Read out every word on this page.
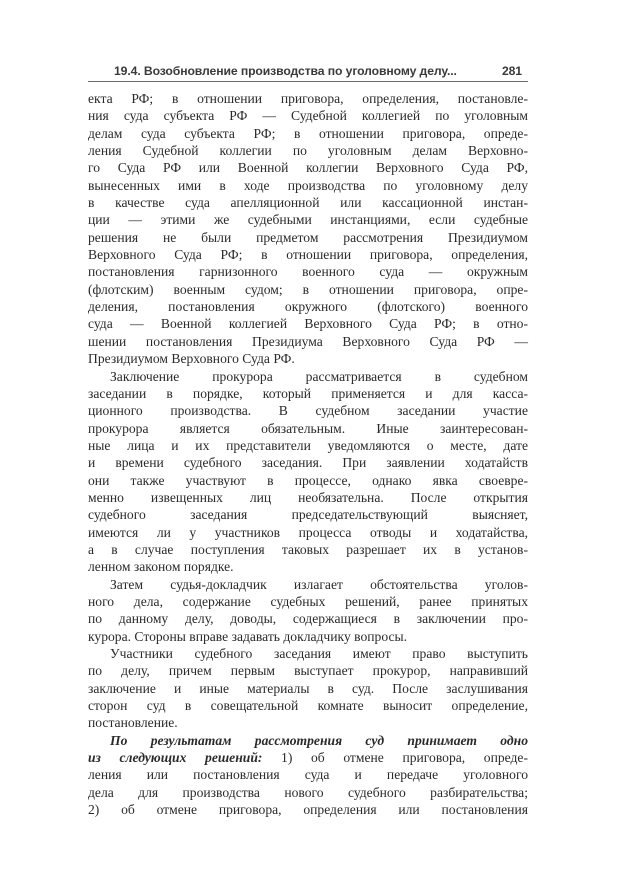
19.4. Возобновление производства по уголовному делу...	281

екта РФ; в отношении приговора, определения, постановле-
ния суда субъекта РФ — Судебной коллегией по уголовным
делам суда субъекта РФ; в отношении приговора, опреде-
ления Судебной коллегии по уголовным делам Верховно-
го Суда РФ или Военной коллегии Верховного Суда РФ,
вынесенных ими в ходе производства по уголовному делу
в качестве суда апелляционной или кассационной инстан-
ции — этими же судебными инстанциями, если судебные
решения не были предметом рассмотрения Президиумом
Верховного Суда РФ; в отношении приговора, определения,
постановления гарнизонного военного суда — окружным
(флотским) военным судом; в отношении приговора, опре-
деления, постановления окружного (флотского) военного
суда — Военной коллегией Верховного Суда РФ; в отно-
шении постановления Президиума Верховного Суда РФ —
Президиумом Верховного Суда РФ.

Заключение прокурора рассматривается в судебном
заседании в порядке, который применяется и для касса-
ционного производства. В судебном заседании участие
прокурора является обязательным. Иные заинтересован-
ные лица и их представители уведомляются о месте, дате
и времени судебного заседания. При заявлении ходатайств
они также участвуют в процессе, однако явка своевре-
менно извещенных лиц необязательна. После открытия
судебного заседания председательствующий выясняет,
имеются ли у участников процесса отводы и ходатайства,
а в случае поступления таковых разрешает их в установ-
ленном законом порядке.

Затем судья-докладчик излагает обстоятельства уголов-
ного дела, содержание судебных решений, ранее принятых
по данному делу, доводы, содержащиеся в заключении про-
курора. Стороны вправе задавать докладчику вопросы.

Участники судебного заседания имеют право выступить
по делу, причем первым выступает прокурор, направивший
заключение и иные материалы в суд. После заслушивания
сторон суд в совещательной комнате выносит определение,
постановление.

По результатам рассмотрения суд принимает одно
из следующих решений: 1) об отмене приговора, опреде-
ления или постановления суда и передаче уголовного
дела для производства нового судебного разбирательства;
2) об отмене приговора, определения или постановления
